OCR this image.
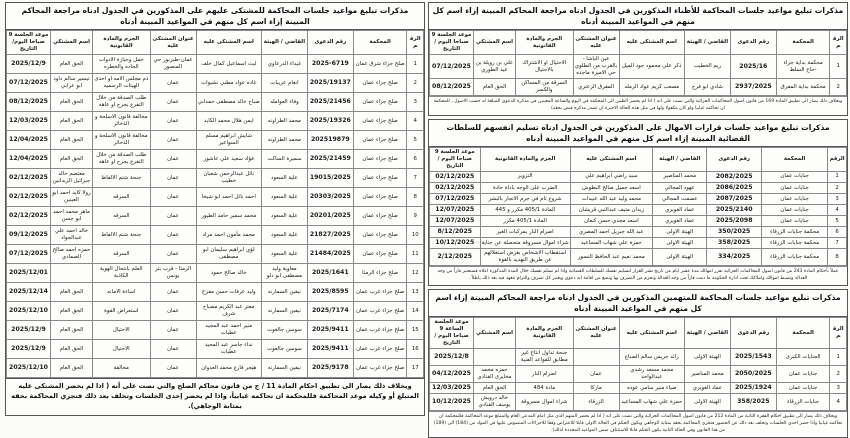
مذكرات تبليغ مواعيد جلسات المحاكمة للأظناء المذكورين في الجدول ادناه مراجعة المحاكم المبينة إزاء اسم كل منهم في المواعيد المبينة أدناه
الرقم	المحكمة	رقم الدعوى	القاضي / الهيئة	اسم المشتكى عليه	عنوان المشتكى عليه	الجرم والمادة القانونية	اسم المشتكي	موعد الجلسة 9 صباحا اليوم / التاريخ
1	محكمة بداية جزاء -حاج السلط	2025/16	ريم الخطيب	ذكر علي محمود جود الميل	عين الباشا - بالقرب من الطلوي حي الاميرة ماجده	الاحتيال او الاشتراك بالاحتيال	علي بن رويلة بن عيد الطوري	07/12/2025
2	محكمة بداية المفرق	2937/2025	شادي ابو فرح	مصعب كريم عواد الرمله	المفرق الزعتري	السرقة من المساكن والكسر	الحق العام	08/12/2025
وبخلاف ذلك يصار الى تطبيق المادة 169 من قانون اصول المحاكمات الجزائية والتي نصت على انه ( اذا لم يحضر الظنين الى المحكمة في اليوم والساعة المعينين في مذكرة الدعوى المبلغة له حسب الاصول , للمحكمة ان تحاكمه غيابيا ولو كان مكفولا ولها في مثل هذه الحالة الاخيرة ان تصدر مذكرة قبض بحقه)
مذكرات تبليغ مواعيد جلسات قرارات الامهال على المذكورين في الجدول ادناه تسليم انفسهم للسلطات القضائية المبينة إزاء اسم كل منهم في المواعيد المبينة أدناه
الرقم	المحكمة	رقم الدعوى	القاضي / الهيئة	اسم المشتكى عليه	الجرم والمادة القانونية	موعد الجلسة 9 صباحا اليوم / التاريخ
1	جنايات عمان	2082/2025	محمد المناصير	سيد راضي ابراهيم علي	التزوير	02/12/2025
2	جنايات عمان	2086/2025	عهود المجالي	اسعد جميل صالح البطوش	الضرب على الوجه باداة حادة	02/12/2025
3	جنايات عمان	2087/2025	عصمت المجالي	محمد وليد عبد الله عبيدات	شروع تام في جرم الاتجار بالبشر	07/12/2025
4	جنايات عمان	2025/2140	عماد الغويري	زيدان متيف عبدالنبي قريشان	المادة 405/1 مكرر و 445	12/07/2025
5	جنايات عمان	2025/2098	عماد الغويري	اسعد مجدي حسن كنعان	المادة 405/1 مكرر	12/07/2025
6	محكمة جنايات الزرقاء	350/2025	الهيئة الاولى	عبد الله جبريل احمد المصري	اضرام النار بمركبات الغير	8/12/2025
7	محكمة جنايات الزرقاء	358/2025	الهيئة الاولى	حمزة علي شهاب المساعيد	شراء اموال مسروقة متحصلة عن جناية	10/12/2025
8	محكمة جنايات الزرقاء	334/2025	الهيئة الاولى	محمد نعيم عبد الحافظ النسور	استقطاب الاشخاص بغرض استغلالهم عن طريق التهديد بالقوة	2/12/2025
عملاً بأحكام المادة 243 من قانون اصول المحاكمات الجزائية نقرر امهالك مدة عشر ايام من تاريخ نشر القرار لتسليم نفسك للسلطات القضائية واذا لم تسلم نفسك خلال المدة المذكورة اعلاه فستعتبر فاراً من وجه العدالة وتضبط اموالك واملاكك تحت ادارة الحكومة ما دمت فاراً من وجه العدالة وتحرم من التصرف بها وتمنع من اقامة اية دعوى ويعتبر كل تصرف والتزام تتعهد فيه بعد ذلك باطلاً .
مذكرات تبليغ مواعيد جلسات المحاكمة للمتهمين المذكورين في الجدول ادناه مراجعة المحاكم المبينة إزاء اسم كل منهم في المواعيد المبينة أدناه
الرقم	المحكمة	رقم الدعوى	القاضي / الهيئة	اسم المشتكى عليه	عنوان المشتكى عليه	الجرم والمادة القانونية	اسم المشتكي	موعد الجلسة الساعة 9 صباحا اليوم / التاريخ
1	الجنايات الكبرى	2025/1543	الهيئة الاولى	رائد جريس سالم الصناع		جنحة تداول انتاج غير مطابق للقواعد الفنية		2025/12/8
2	جنايات عمان	2050/2025	محمد المناصير	محمد مسعد رشدي عبدالواحد	عمان	اضرام النار	حمزه محمد مخايرى الفنادي	04/12/2025
3	جنايات عمان	2025/1924	عماد الغويري	ضياء منير سامي عوده	ماركا	مادة 484	الحق العام	12/03/2025
4	جنايات الزرقاء	358/2025	الهيئة الاولى	حمزة علي شهاب المساعيد	الزرقاء	شراء اموال مسروقة	خالد درويش يوسف الفنادي	10/12/2025
وبخلاف ذلك يصار الى تطبيق احكام الفقرة الثانية من المادة 212 من قانون اصول المحاكمات الجزائية والتي نصت على انه ( اذا لم يحضر المتهم الذي مثل امام المدعي العام والمتبلغ موعد المحاكمة فللمحكمة ان تحاكمه غيابيا واذا حضر احدى الجلسات وتخلف بعد ذلك عن الحضور فتجري المحاكمة بحقه بمثابة الوجاهي ويكون الحكم في الحالة الاولى قابلا للاعتراض وفقا للاجراءات المنصوص عليها في المواد من (184) الى (189) من هذا القانون وفي الحالة الثانية يكون الحكم قابلا للاستئناف ضمن المواعيد المحددة لذلك).
مذكرات تبليغ مواعيد جلسات المحاكمة للمشتكى عليهم على المذكورين في الجدول ادناه مراجعة المحاكم المبينة إزاء اسم كل منهم في المواعيد المبينة أدناه
الرقم	المحكمة	رقم الدعوى	القاضي / الهيئة	اسم المشتكى عليه	عنوان المشتكى عليه	الجرم والمادة القانونية	اسم المشتكي	موعد الجلسة 9 صباحا اليوم/التاريخ
1	صلح جزاء شرق عمان	2025-6719	غيداء الدرعاوي	ليث اسماعيل كمال خلف	عمان-طبربور حي المنصور	حمل وحيازة الادوات الحاده والخطره	الحق العام	2025/12/9
2	صلح جزاء عمان	2025/19137	انغام عريبات	غاده عواد مطني نشيوات	عمان	ذم مجلس الامه او احدى الهيئات الرسميه	تيسير سالم داود ابو عرابي	07/12/2025
3	صلح جزاء عمان	2025/21456	وفاء العوامله	صباح خالد مصطفى حمداني	عمان	طلب الصدقة من خلال التفرع بجرح او عاهه	الحق العام	08/12/2025
4	صلح جزاء عمان	2025/19326	محمد الطراونه	ايمن هلال محمد الكايد	عمان	مخالفة قانون الاسلحة و الذخائر	الحق العام	12/03/2025
5	صلح جزاء عمان	202519879	محمد الطراونه	شايش ابراهيم مسلم السواعير	عمان	مخالفة قانون الاسلحة و الذخائر	الحق العام	12/04/2025
6	صلح جزاء عمان	2025/21459	سميرة الساكت	فؤاد سعيد علي عاشور	عمان	طلب الصدقة من خلال التفرع بجرح او عاهه	الحق العام	12/04/2025
7	صلح جزاء عمان	19015/2025	علية السعود	نائل عبدالرحمن شعبان خطيب	عمان	جنحة شتم الالفاظ	معتصم خالد جبرائيل الزيدانين	02/12/2025
8	صلح جزاء عمان	20303/2025	علية السعود	احمد نائل احمد ابو شيخا	عمان	السرقه	رولا كايد احمد ابو العينين	02/12/2025
9	صلح جزاء عمان	20201/2025	علية السعود	محمد سمير حامد الطيور	عمان	السرقه	ماهر محمد احمد ابو حسن	02/12/2025
10	صلح جزاء عمان	21827/2025	علية السعود	محمد مأمون احمد مراد	عمان	جنحة شتم الالفاظ	خالد احمد علي عبدالجواد	09/12/2025
11	صلح جزاء عمان	21484/2025	علية السعود	لؤي ابراهيم سليمان ابو مصطفى	عمان	السرقه	حمزه احمد صالح الصمادي	07/12/2025
12	صلح جزاء الرمثا	2025/1641	معاوية وليد مصطفى ابو دلو	خالد صالح حمود	الرمثا - قرب بئر يونس	العلم بانتحال الهوية الكاذبة		2025/12/01
13	صلح جزاء غرب عمان	2025/8595	نيفين السمارنه	وليد عرفات حسن مفرج	عمان	اساءة الامانه	الحق العام	2025/12/14
14	صلح جزاء غرب عمان	2025/7174	نيفين السمارنه	معتز عبد الكريم مصباح شرف	عمان	استعراض القوة	الحق العام	2025/12/10
15	صلح جزاء غرب عمان	2025/9411	سوسن جالغوت	منير احمد عبد المجيد عطيات	عمان	الاحتيال	الحق العام	2025/12/9
16	صلح جزاء غرب عمان	2025/9411	سوسن جالغوت	نداء جاسر عبد المجيد عطيات	عمان	الاحتيال	الحق العام	2025/12/9
17	صلح جزاء غرب عمان	2025/9178	نيفين السمارنه	هيجر فارع محمد العدوان	عمان	مخالفة	الحق العام	2025/12/10
وبخلاف ذلك يصار الى تطبيق احكام المادة 11 / ج من قانون محاكم الصلح والتي نصت على أنه ( اذا لم يحضر المشتكى عليه المتبلغ أو وكيله موعد المحاكمة فللمحكمة ان تحاكمه غيابياً، واذا لم يحضر إحدى الجلسات وتخلف بعد ذلك فتجري المحاكمة بحقه بمثابة الوجاهي).
